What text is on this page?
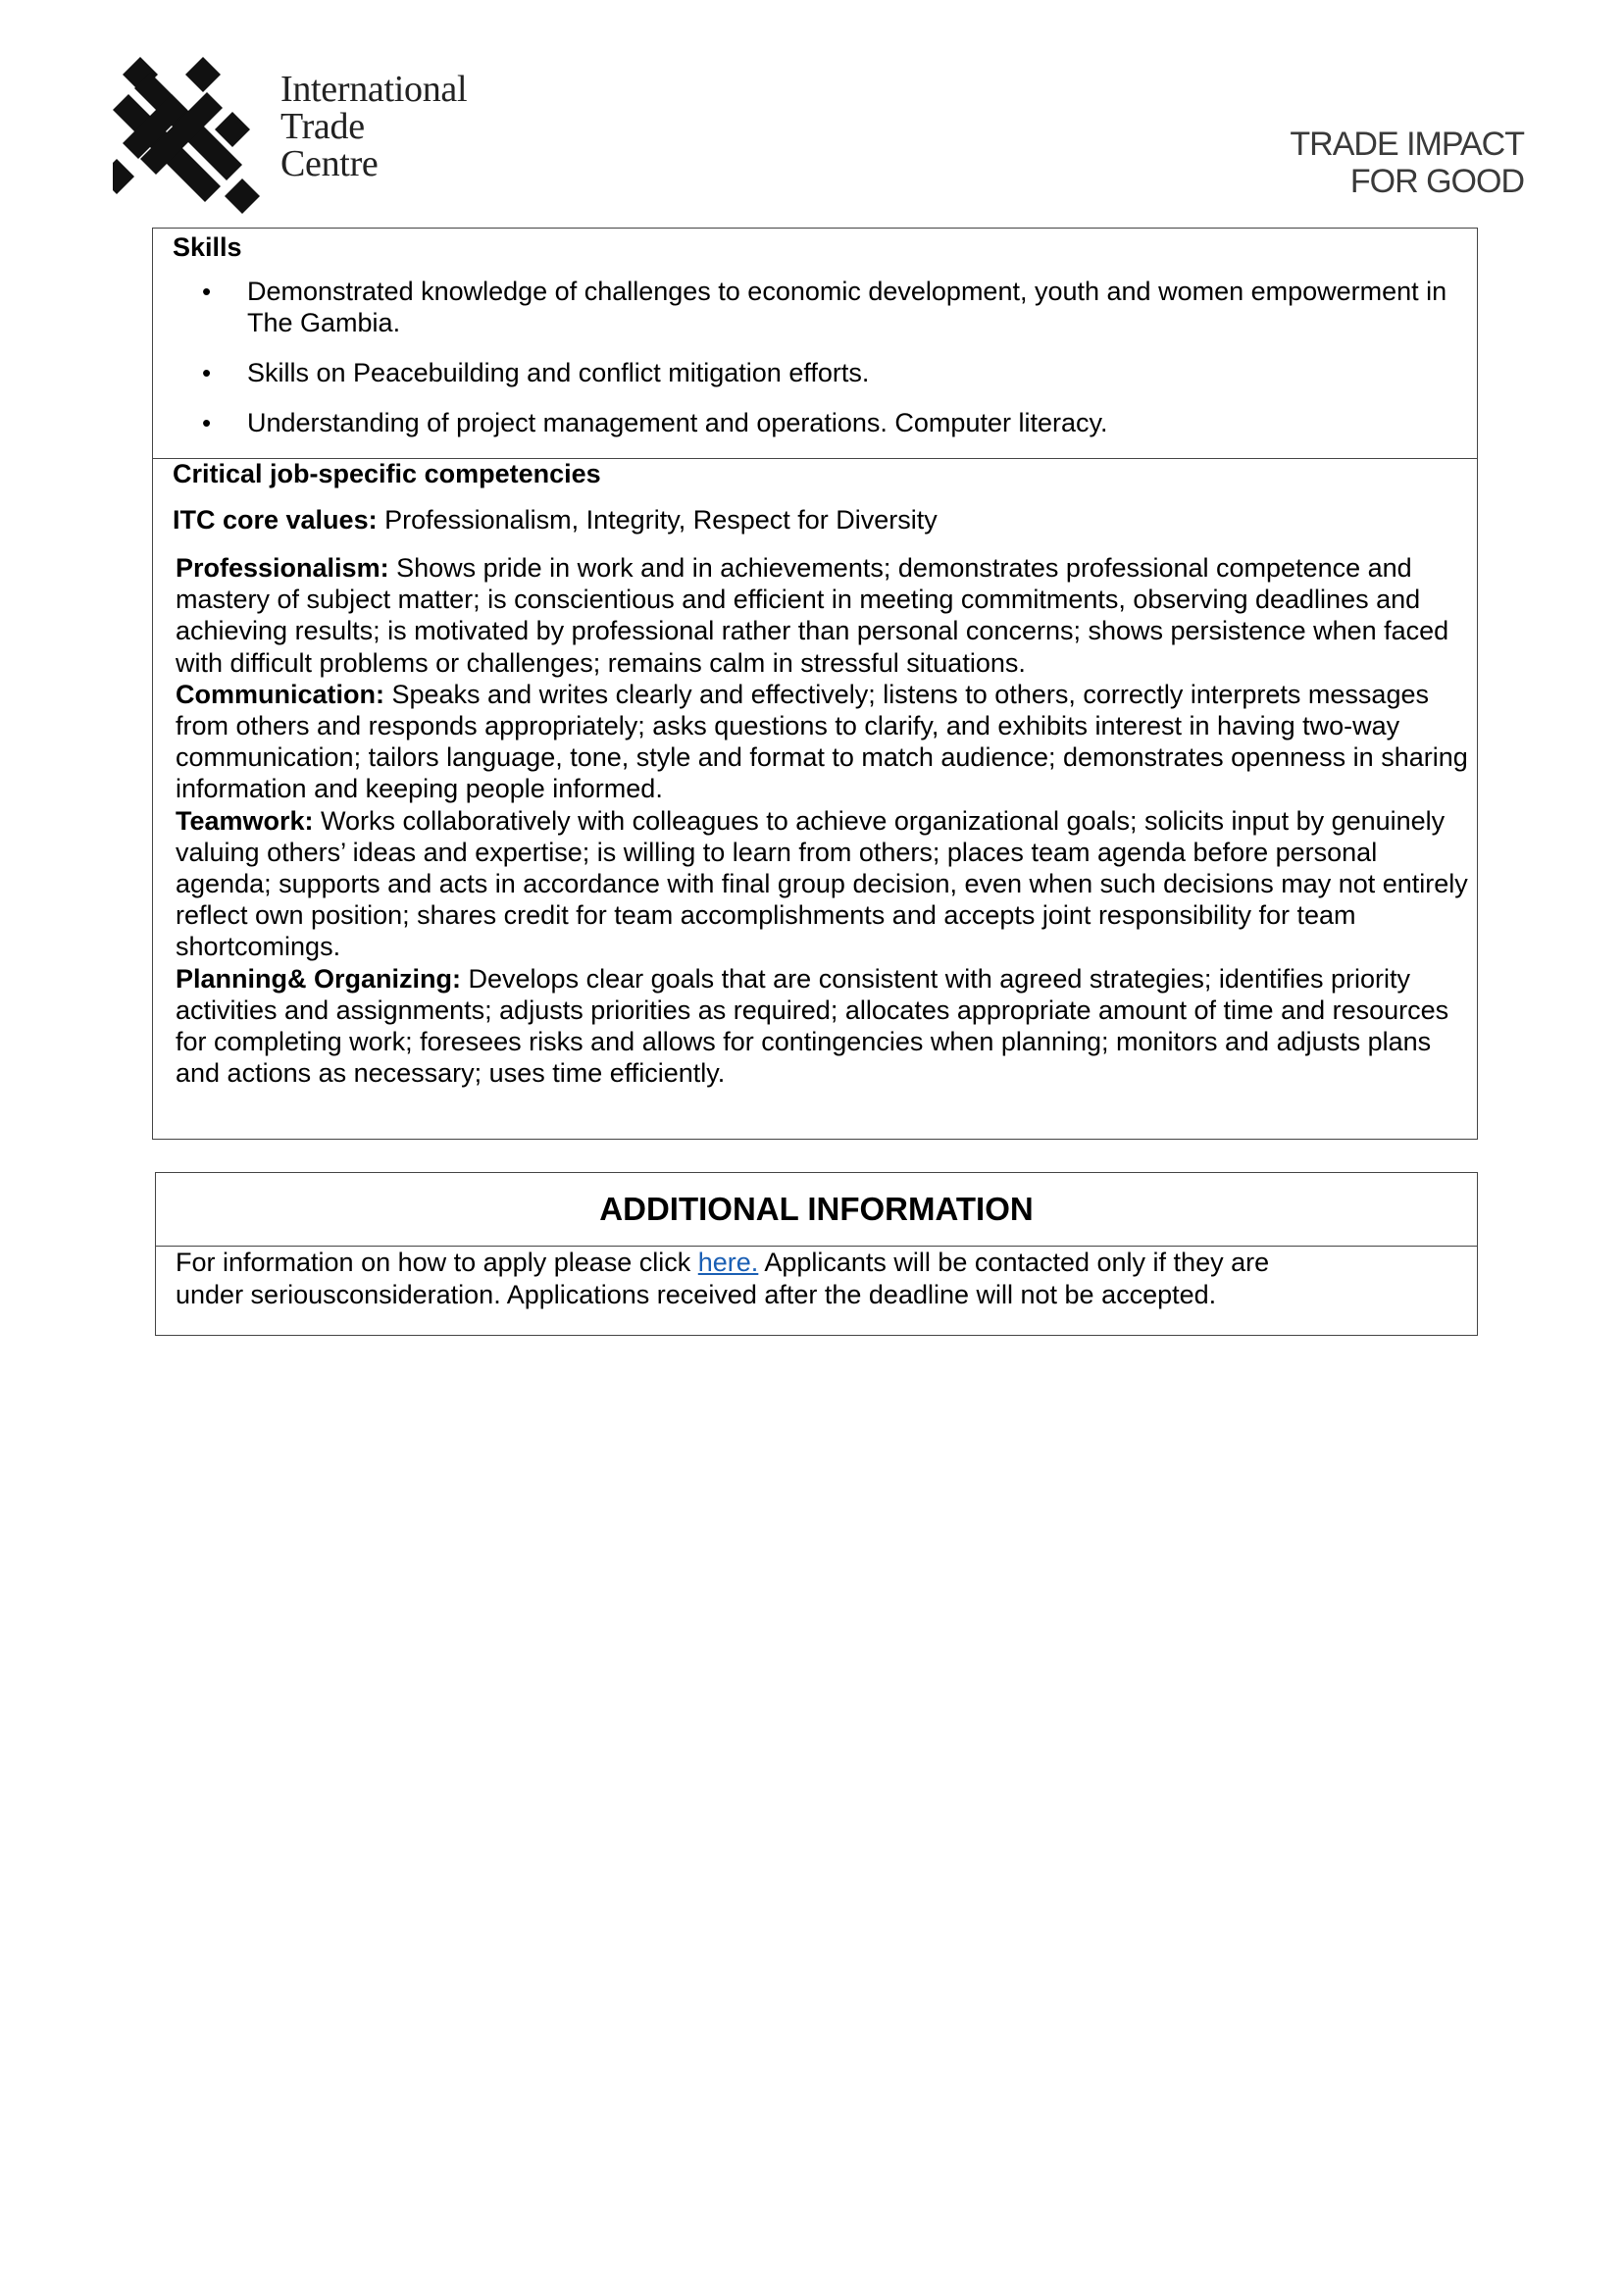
International
Trade
Centre	TRADE IMPACT
FOR GOOD
Skills
• Demonstrated knowledge of challenges to economic development, youth and women empowerment in The Gambia.
• Skills on Peacebuilding and conflict mitigation efforts.
• Understanding of project management and operations. Computer literacy.
Critical job-specific competencies
ITC core values: Professionalism, Integrity, Respect for Diversity

Professionalism: Shows pride in work and in achievements; demonstrates professional competence and mastery of subject matter; is conscientious and efficient in meeting commitments, observing deadlines and achieving results; is motivated by professional rather than personal concerns; shows persistence when faced with difficult problems or challenges; remains calm in stressful situations.

Communication: Speaks and writes clearly and effectively; listens to others, correctly interprets messages from others and responds appropriately; asks questions to clarify, and exhibits interest in having two-way communication; tailors language, tone, style and format to match audience; demonstrates openness in sharing information and keeping people informed.

Teamwork: Works collaboratively with colleagues to achieve organizational goals; solicits input by genuinely valuing others’ ideas and expertise; is willing to learn from others; places team agenda before personal agenda; supports and acts in accordance with final group decision, even when such decisions may not entirely reflect own position; shares credit for team accomplishments and accepts joint responsibility for team shortcomings.

Planning& Organizing: Develops clear goals that are consistent with agreed strategies; identifies priority activities and assignments; adjusts priorities as required; allocates appropriate amount of time and resources for completing work; foresees risks and allows for contingencies when planning; monitors and adjusts plans and actions as necessary; uses time efficiently.

ADDITIONAL INFORMATION
For information on how to apply please click here. Applicants will be contacted only if they are
under seriousconsideration. Applications received after the deadline will not be accepted.
